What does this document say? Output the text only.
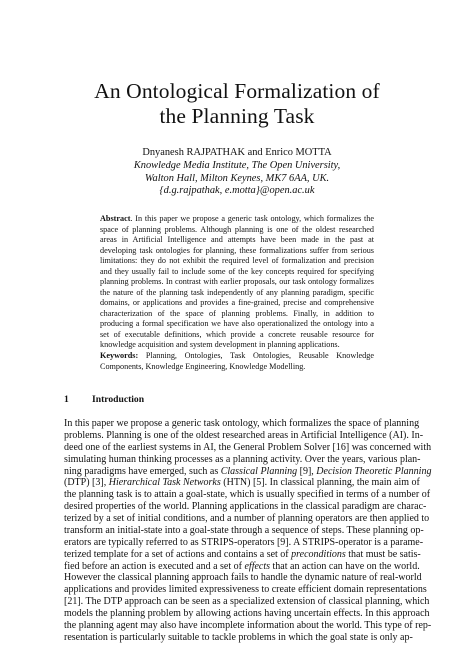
An Ontological Formalization of
the Planning Task
Dnyanesh RAJPATHAK and Enrico MOTTA
Knowledge Media Institute, The Open University,
Walton Hall, Milton Keynes, MK7 6AA, UK.
{d.g.rajpathak, e.motta}@open.ac.uk

Abstract. In this paper we propose a generic task ontology, which formalizes the space of planning problems. Although planning is one of the oldest researched areas in Artificial Intelligence and attempts have been made in the past at developing task ontologies for planning, these formalizations suffer from serious limitations: they do not exhibit the required level of formalization and precision and they usually fail to include some of the key concepts required for specifying planning problems. In contrast with earlier proposals, our task ontology formalizes the nature of the planning task independently of any planning paradigm, specific domains, or applications and provides a fine-grained, precise and comprehensive characterization of the space of planning problems. Finally, in addition to producing a formal specification we have also operationalized the ontology into a set of executable definitions, which provide a concrete reusable resource for knowledge acquisition and system development in planning applications.

Keywords: Planning, Ontologies, Task Ontologies, Reusable Knowledge Components, Knowledge Engineering, Knowledge Modelling.

1 Introduction
In this paper we propose a generic task ontology, which formalizes the space of planning
problems. Planning is one of the oldest researched areas in Artificial Intelligence (AI). In-
deed one of the earliest systems in AI, the General Problem Solver [16] was concerned with
simulating human thinking processes as a planning activity. Over the years, various plan-
ning paradigms have emerged, such as Classical Planning [9], Decision Theoretic Planning
(DTP) [3], Hierarchical Task Networks (HTN) [5]. In classical planning, the main aim of
the planning task is to attain a goal-state, which is usually specified in terms of a number of
desired properties of the world. Planning applications in the classical paradigm are charac-
terized by a set of initial conditions, and a number of planning operators are then applied to
transform an initial-state into a goal-state through a sequence of steps. These planning op-
erators are typically referred to as STRIPS-operators [9]. A STRIPS-operator is a parame-
terized template for a set of actions and contains a set of preconditions that must be satis-
fied before an action is executed and a set of effects that an action can have on the world.
However the classical planning approach fails to handle the dynamic nature of real-world
applications and provides limited expressiveness to create efficient domain representations
[21]. The DTP approach can be seen as a specialized extension of classical planning, which
models the planning problem by allowing actions having uncertain effects. In this approach
the planning agent may also have incomplete information about the world. This type of rep-
resentation is particularly suitable to tackle problems in which the goal state is only ap-
